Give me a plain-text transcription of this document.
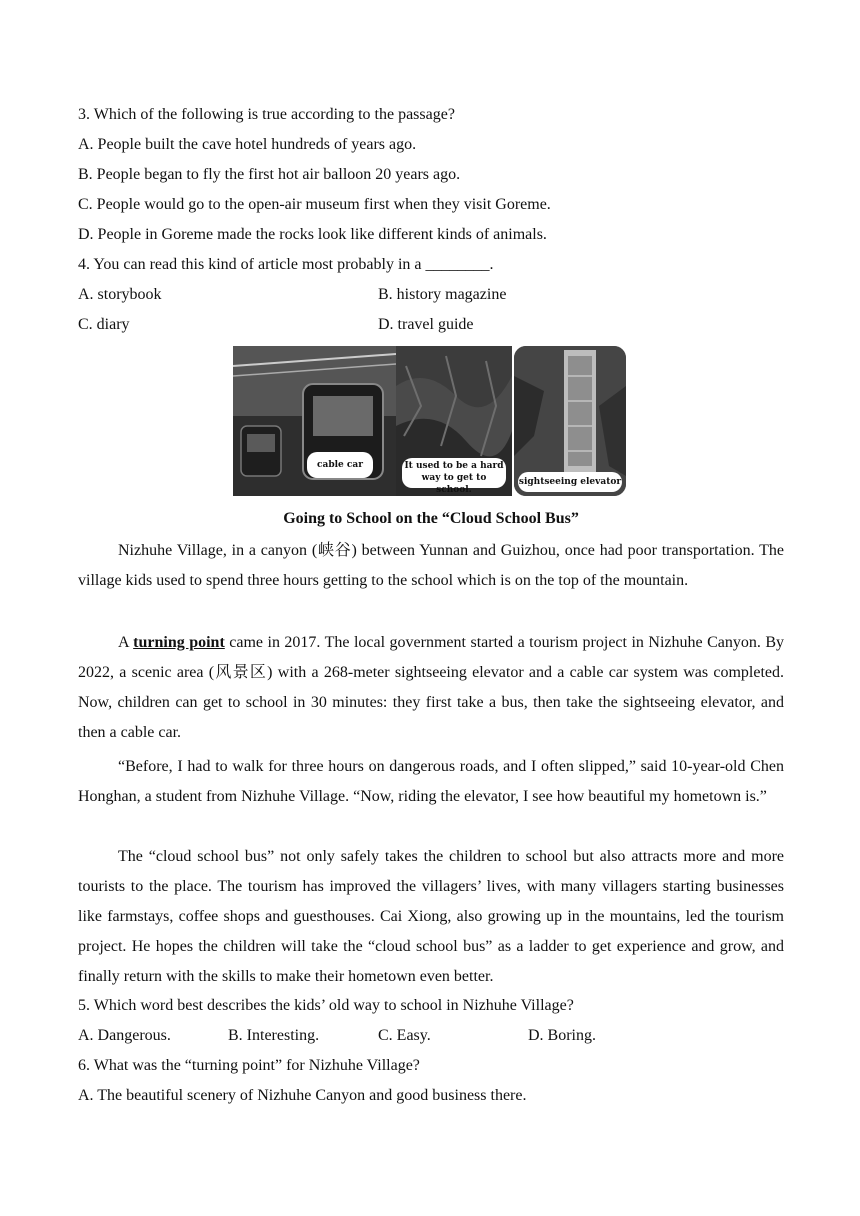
3. Which of the following is true according to the passage?
A. People built the cave hotel hundreds of years ago.
B. People began to fly the first hot air balloon 20 years ago.
C. People would go to the open-air museum first when they visit Goreme.
D. People in Goreme made the rocks look like different kinds of animals.
4. You can read this kind of article most probably in a ________.
A. storybook	B. history magazine
C. diary	D. travel guide
cable car	It used to be a hard way to get to school.
sightseeing elevator
Going to School on the “Cloud School Bus”

Nizhuhe Village, in a canyon (峡谷) between Yunnan and Guizhou, once had poor transportation. The village kids used to spend three hours getting to the school which is on the top of the mountain.

A turning point came in 2017. The local government started a tourism project in Nizhuhe Canyon. By 2022, a scenic area (风景区) with a 268-meter sightseeing elevator and a cable car system was completed. Now, children can get to school in 30 minutes: they first take a bus, then take the sightseeing elevator, and then a cable car.

“Before, I had to walk for three hours on dangerous roads, and I often slipped,” said 10-year-old Chen Honghan, a student from Nizhuhe Village. “Now, riding the elevator, I see how beautiful my hometown is.”

The “cloud school bus” not only safely takes the children to school but also attracts more and more tourists to the place. The tourism has improved the villagers’ lives, with many villagers starting businesses like farmstays, coffee shops and guesthouses. Cai Xiong, also growing up in the mountains, led the tourism project. He hopes the children will take the “cloud school bus” as a ladder to get experience and grow, and finally return with the skills to make their hometown even better.

5. Which word best describes the kids’ old way to school in Nizhuhe Village?
A. Dangerous.	B. Interesting.	C. Easy.	D. Boring.
6. What was the “turning point” for Nizhuhe Village?
A. The beautiful scenery of Nizhuhe Canyon and good business there.
